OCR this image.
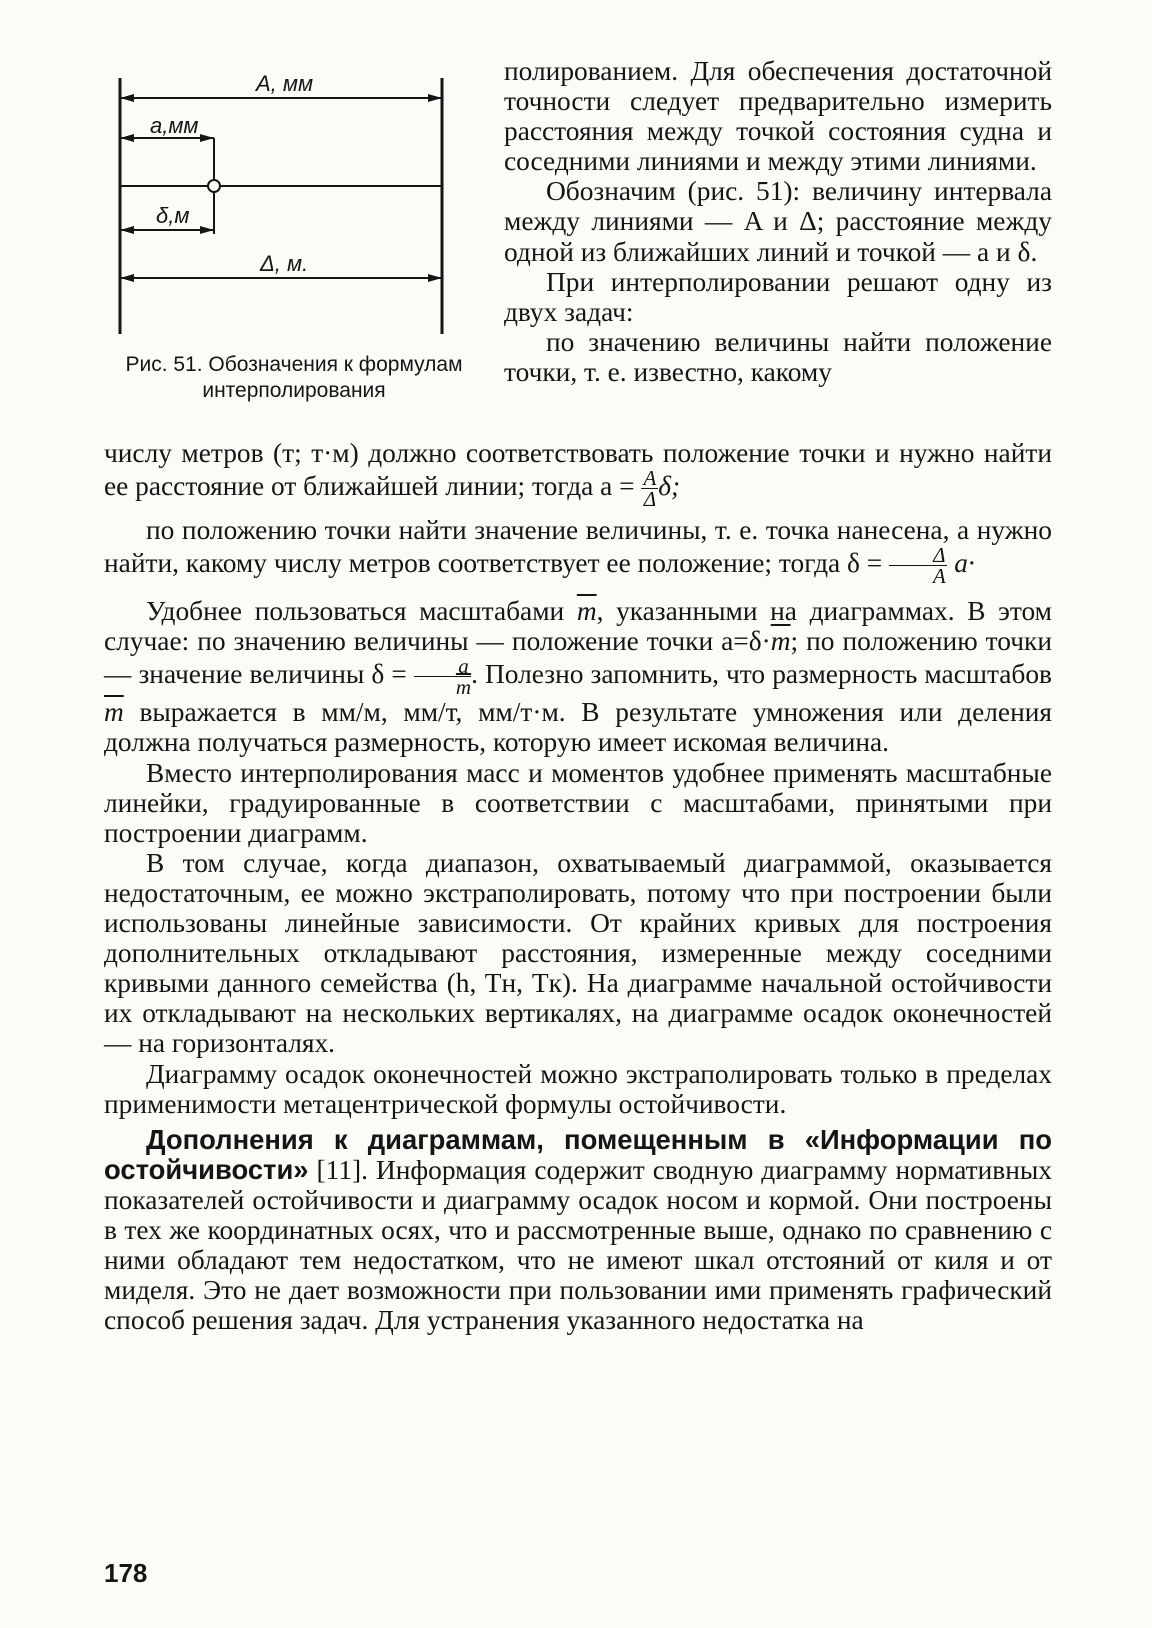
A, мм
a,мм
δ,м
Δ, м.
Рис. 51. Обозначения к формулам интерполирования

полированием. Для обеспечения достаточной точности следует предварительно измерить расстояния между точкой состояния судна и соседними линиями и между этими линиями.

Обозначим (рис. 51): величину интервала между линиями — A и Δ; расстояние между одной из ближайших линий и точкой — a и δ.

При интерполировании решают одну из двух задач:

по значению величины найти положение точки, т. е. известно, какому

числу метров (т; т·м) должно соответствовать положение точки и нужно найти ее расстояние от ближайшей линии; тогда $a = \frac{A}{\Delta} \delta$;

по положению точки найти значение величины, т. е. точка нанесена, а нужно найти, какому числу метров соответствует ее положение; тогда $\delta = \frac{\Delta}{A} a\cdot$

Удобнее пользоваться масштабами $\overline{m}$, указанными на диаграммах. В этом случае: по значению величины — положение точки $a=\delta\cdot\overline{m}$; по положению точки — значение величины $\delta = \frac{a}{m}$ . Полезно запомнить, что размерность масштабов $\overline{m}$ выражается в мм/м, мм/т, мм/т·м. В результате умножения или деления должна получаться размерность, которую имеет искомая величина.

Вместо интерполирования масс и моментов удобнее применять масштабные линейки, градуированные в соответствии с масштабами, принятыми при построении диаграмм.

В том случае, когда диапазон, охватываемый диаграммой, оказывается недостаточным, ее можно экстраполировать, потому что при построении были использованы линейные зависимости. От крайних кривых для построения дополнительных откладывают расстояния, измеренные между соседними кривыми данного семейства (h, Tн, Tк). На диаграмме начальной остойчивости их откладывают на нескольких вертикалях, на диаграмме осадок оконечностей — на горизонталях.

Диаграмму осадок оконечностей можно экстраполировать только в пределах применимости метацентрической формулы остойчивости.

Дополнения к диаграммам, помещенным в «Информации по остойчивости» [11]. Информация содержит сводную диаграмму нормативных показателей остойчивости и диаграмму осадок носом и кормой. Они построены в тех же координатных осях, что и рассмотренные выше, однако по сравнению с ними обладают тем недостатком, что не имеют шкал отстояний от киля и от миделя. Это не дает возможности при пользовании ими применять графический способ решения задач. Для устранения указанного недостатка на

178
